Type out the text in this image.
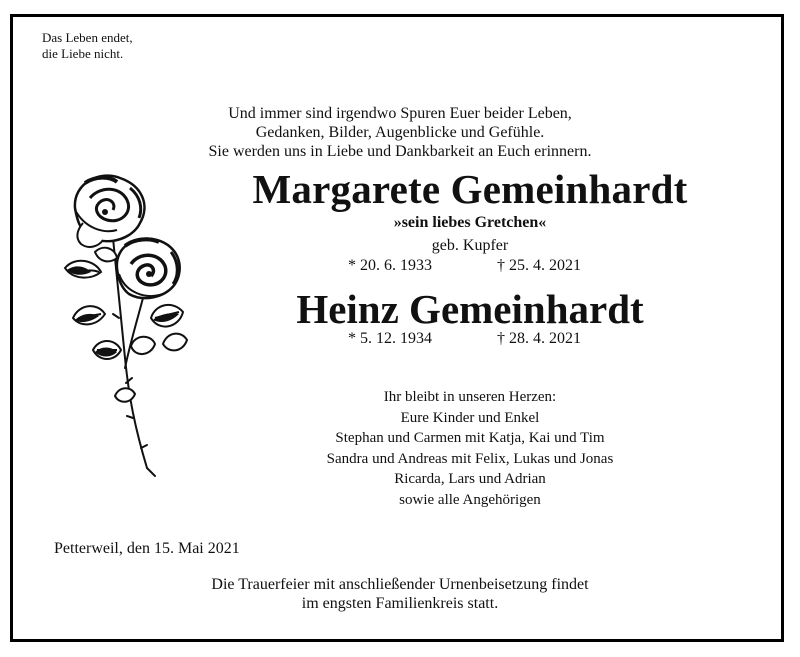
Das Leben endet,
die Liebe nicht.
Und immer sind irgendwo Spuren Euer beider Leben,
Gedanken, Bilder, Augenblicke und Gefühle.
Sie werden uns in Liebe und Dankbarkeit an Euch erinnern.
Margarete Gemeinhardt
»sein liebes Gretchen«
geb. Kupfer
* 20. 6. 1933	† 25. 4. 2021
Heinz Gemeinhardt
* 5. 12. 1934	† 28. 4. 2021
Ihr bleibt in unseren Herzen:
Eure Kinder und Enkel
Stephan und Carmen mit Katja, Kai und Tim
Sandra und Andreas mit Felix, Lukas und Jonas
Ricarda, Lars und Adrian
sowie alle Angehörigen
Petterweil, den 15. Mai 2021
Die Trauerfeier mit anschließender Urnenbeisetzung findet
im engsten Familienkreis statt.
